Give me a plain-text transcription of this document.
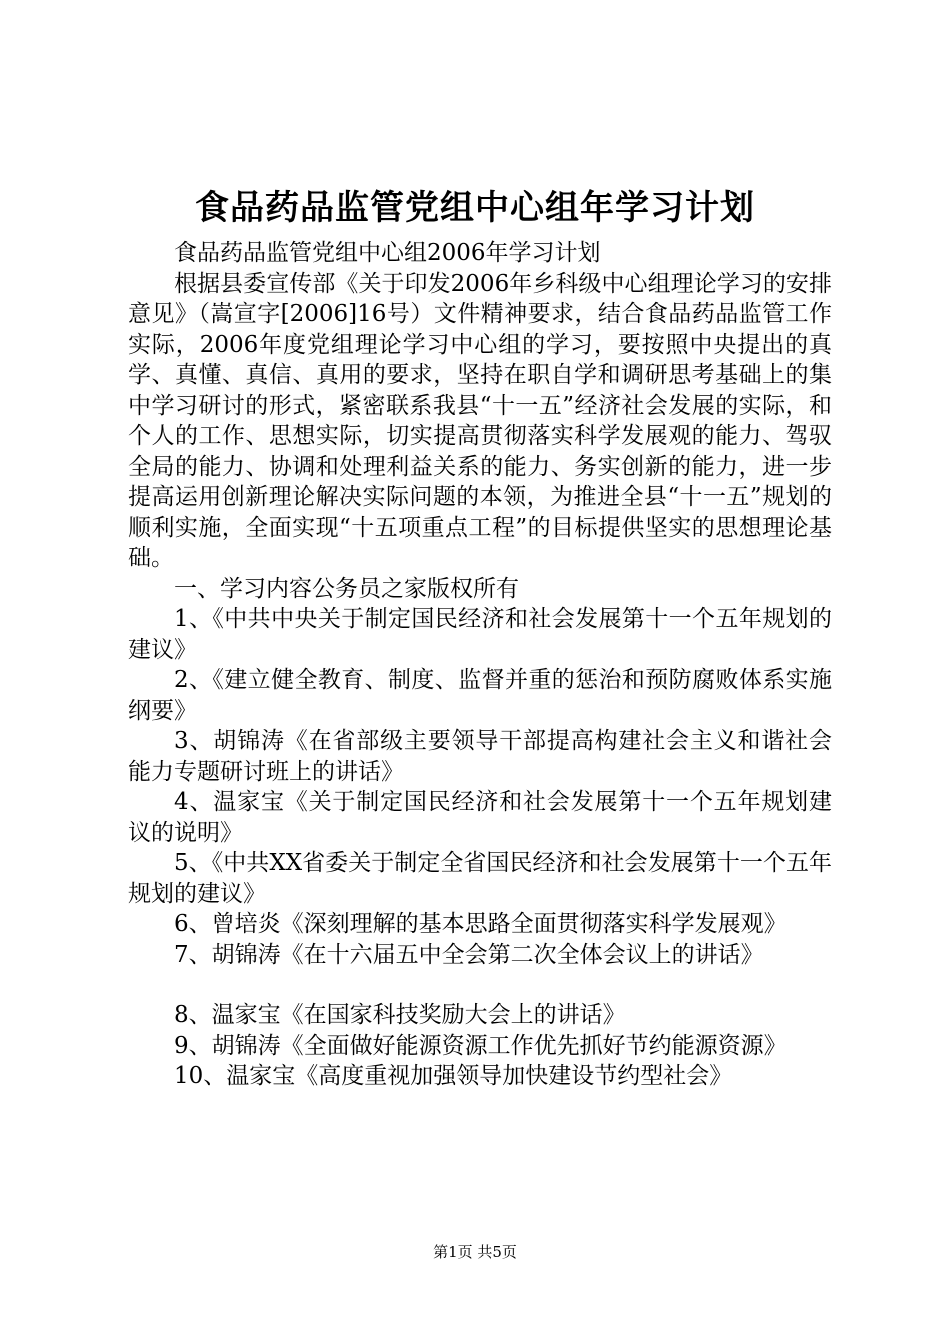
食品药品监管党组中心组年学习计划

食品药品监管党组中心组2006年学习计划

根据县委宣传部《关于印发2006年乡科级中心组理论学习的安排意见》（嵩宣字[2006]16号）文件精神要求，结合食品药品监管工作实际，2006年度党组理论学习中心组的学习，要按照中央提出的真学、真懂、真信、真用的要求，坚持在职自学和调研思考基础上的集中学习研讨的形式，紧密联系我县“十一五”经济社会发展的实际，和个人的工作、思想实际，切实提高贯彻落实科学发展观的能力、驾驭全局的能力、协调和处理利益关系的能力、务实创新的能力，进一步提高运用创新理论解决实际问题的本领，为推进全县“十一五”规划的顺利实施，全面实现“十五项重点工程”的目标提供坚实的思想理论基础。

一、学习内容公务员之家版权所有

1、《中共中央关于制定国民经济和社会发展第十一个五年规划的建议》

2、《建立健全教育、制度、监督并重的惩治和预防腐败体系实施纲要》

3、胡锦涛《在省部级主要领导干部提高构建社会主义和谐社会能力专题研讨班上的讲话》

4、温家宝《关于制定国民经济和社会发展第十一个五年规划建议的说明》

5、《中共XX省委关于制定全省国民经济和社会发展第十一个五年规划的建议》

6、曾培炎《深刻理解的基本思路全面贯彻落实科学发展观》

7、胡锦涛《在十六届五中全会第二次全体会议上的讲话》

8、温家宝《在国家科技奖励大会上的讲话》

9、胡锦涛《全面做好能源资源工作优先抓好节约能源资源》

10、温家宝《高度重视加强领导加快建设节约型社会》

第1页 共5页
